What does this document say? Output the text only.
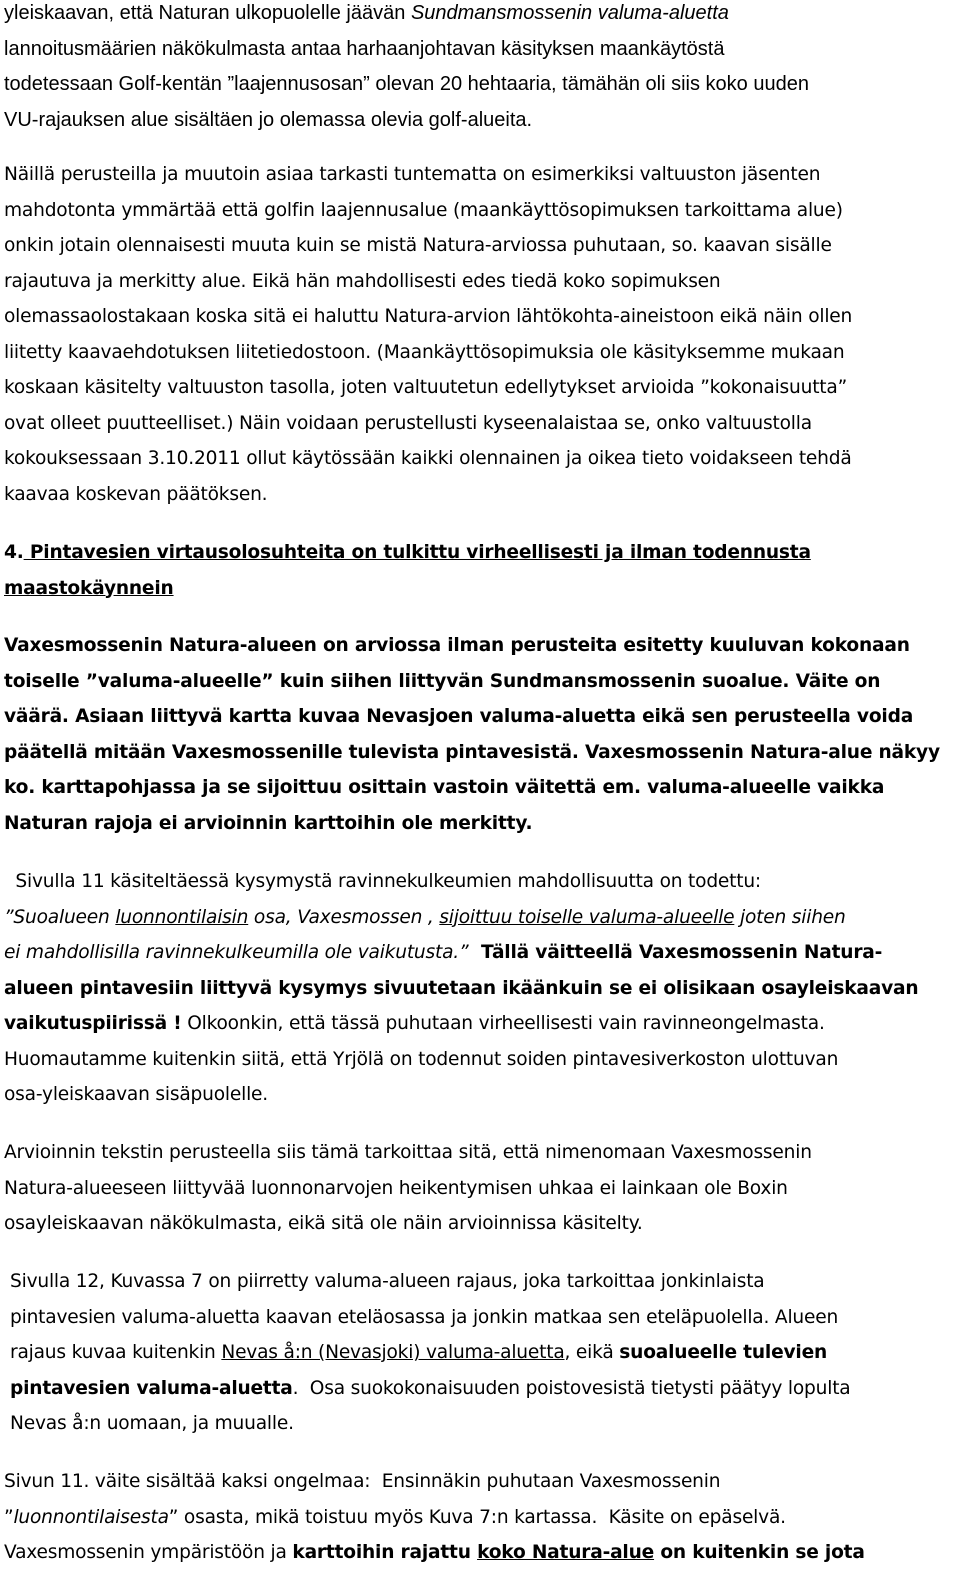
yleiskaavan, että Naturan ulkopuolelle jäävän Sundmansmossenin valuma-aluetta
lannoitusmäärien näkökulmasta antaa harhaanjohtavan käsityksen maankäytöstä
todetessaan Golf-kentän ”laajennusosan” olevan 20 hehtaaria, tämähän oli siis koko uuden
VU-rajauksen alue sisältäen jo olemassa olevia golf-alueita.
Näillä perusteilla ja muutoin asiaa tarkasti tuntematta on esimerkiksi valtuuston jäsenten
mahdotonta ymmärtää että golfin laajennusalue (maankäyttösopimuksen tarkoittama alue)
onkin jotain olennaisesti muuta kuin se mistä Natura-arviossa puhutaan, so. kaavan sisälle
rajautuva ja merkitty alue. Eikä hän mahdollisesti edes tiedä koko sopimuksen
olemassaolostakaan koska sitä ei haluttu Natura-arvion lähtökohta-aineistoon eikä näin ollen
liitetty kaavaehdotuksen liitetiedostoon. (Maankäyttösopimuksia ole käsityksemme mukaan
koskaan käsitelty valtuuston tasolla, joten valtuutetun edellytykset arvioida ”kokonaisuutta”
ovat olleet puutteelliset.) Näin voidaan perustellusti kyseenalaistaa se, onko valtuustolla
kokouksessaan 3.10.2011 ollut käytössään kaikki olennainen ja oikea tieto voidakseen tehdä
kaavaa koskevan päätöksen.
4. Pintavesien virtausolosuhteita on tulkittu virheellisesti ja ilman todennusta
maastokäynnein
Vaxesmossenin Natura-alueen on arviossa ilman perusteita esitetty kuuluvan kokonaan
toiselle ”valuma-alueelle” kuin siihen liittyvän Sundmansmossenin suoalue. Väite on
väärä. Asiaan liittyvä kartta kuvaa Nevasjoen valuma-aluetta eikä sen perusteella voida
päätellä mitään Vaxesmossenille tulevista pintavesistä. Vaxesmossenin Natura-alue näkyy
ko. karttapohjassa ja se sijoittuu osittain vastoin väitettä em. valuma-alueelle vaikka
Naturan rajoja ei arvioinnin karttoihin ole merkitty.
Sivulla 11 käsiteltäessä kysymystä ravinnekulkeumien mahdollisuutta on todettu:
”Suoalueen luonnontilaisin osa, Vaxesmossen , sijoittuu toiselle valuma-alueelle joten siihen
ei mahdollisilla ravinnekulkeumilla ole vaikutusta.”  Tällä väitteellä Vaxesmossenin Natura-
alueen pintavesiin liittyvä kysymys sivuutetaan ikäänkuin se ei olisikaan osayleiskaavan
vaikutuspiirissä ! Olkoonkin, että tässä puhutaan virheellisesti vain ravinneongelmasta.
Huomautamme kuitenkin siitä, että Yrjölä on todennut soiden pintavesiverkoston ulottuvan
osa-yleiskaavan sisäpuolelle.
Arvioinnin tekstin perusteella siis tämä tarkoittaa sitä, että nimenomaan Vaxesmossenin
Natura-alueeseen liittyvää luonnonarvojen heikentymisen uhkaa ei lainkaan ole Boxin
osayleiskaavan näkökulmasta, eikä sitä ole näin arvioinnissa käsitelty.
Sivulla 12, Kuvassa 7 on piirretty valuma-alueen rajaus, joka tarkoittaa jonkinlaista
pintavesien valuma-aluetta kaavan eteläosassa ja jonkin matkaa sen eteläpuolella. Alueen
rajaus kuvaa kuitenkin Nevas å:n (Nevasjoki) valuma-aluetta, eikä suoalueelle tulevien
pintavesien valuma-aluetta.  Osa suokokonaisuuden poistovesistä tietysti päätyy lopulta
Nevas å:n uomaan, ja muualle.
Sivun 11. väite sisältää kaksi ongelmaa:  Ensinnäkin puhutaan Vaxesmossenin
”luonnontilaisesta” osasta, mikä toistuu myös Kuva 7:n kartassa.  Käsite on epäselvä.
Vaxesmossenin ympäristöön ja karttoihin rajattu koko Natura-alue on kuitenkin se jota
